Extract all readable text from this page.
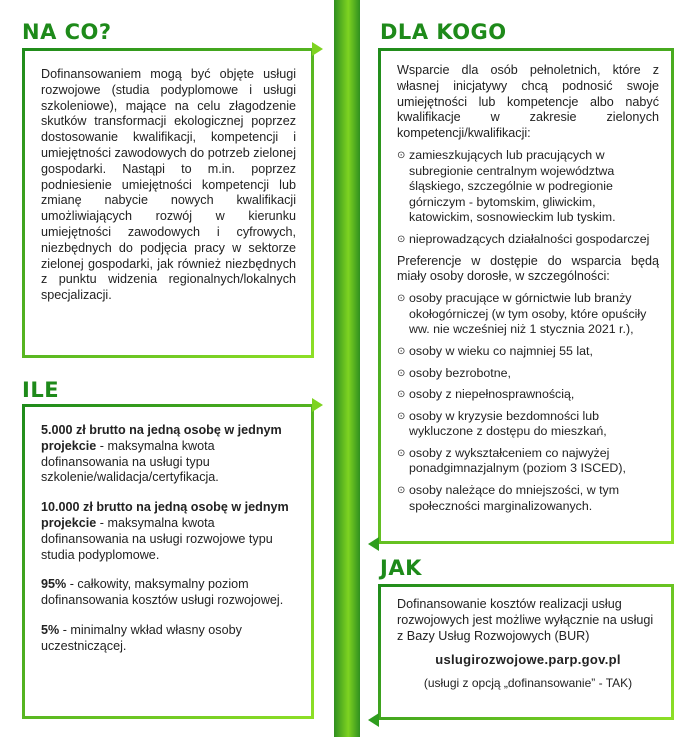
NA CO?

Dofinansowaniem mogą być objęte usługi rozwojowe (studia podyplomowe i usługi szkoleniowe), mające na celu złagodzenie skutków transformacji ekologicznej poprzez dostosowanie kwalifikacji, kompetencji i umiejętności zawodowych do potrzeb zielonej gospodarki. Nastąpi to m.in. poprzez podniesienie umiejętności kompetencji lub zmianę nabycie nowych kwalifikacji umożliwiających rozwój w kierunku umiejętności zawodowych i cyfrowych, niezbędnych do podjęcia pracy w sektorze zielonej gospodarki, jak również niezbędnych z punktu widzenia regionalnych/lokalnych specjalizacji.

ILE

5.000 zł brutto na jedną osobę w jednym projekcie - maksymalna kwota dofinansowania na usługi typu szkolenie/walidacja/certyfikacja.

10.000 zł brutto na jedną osobę w jednym projekcie - maksymalna kwota dofinansowania na usługi rozwojowe typu studia podyplomowe.

95% - całkowity, maksymalny poziom dofinansowania kosztów usługi rozwojowej.

5% - minimalny wkład własny osoby uczestniczącej.

DLA KOGO

Wsparcie dla osób pełnoletnich, które z własnej inicjatywy chcą podnosić swoje umiejętności lub kompetencje albo nabyć kwalifikacje w zakresie zielonych kompetencji/kwalifikacji:

⊙ zamieszkujących lub pracujących w subregionie centralnym województwa śląskiego, szczególnie w podregionie górniczym - bytomskim, gliwickim, katowickim, sosnowieckim lub tyskim.
⊙ nieprowadzących działalności gospodarczej

Preferencje w dostępie do wsparcia będą miały osoby dorosłe, w szczególności:

⊙ osoby pracujące w górnictwie lub branży okołogórniczej (w tym osoby, które opuściły ww. nie wcześniej niż 1 stycznia 2021 r.),
⊙ osoby w wieku co najmniej 55 lat,
⊙ osoby bezrobotne,
⊙ osoby z niepełnosprawnością,
⊙ osoby w kryzysie bezdomności lub wykluczone z dostępu do mieszkań,
⊙ osoby z wykształceniem co najwyżej ponadgimnazjalnym (poziom 3 ISCED),
⊙ osoby należące do mniejszości, w tym społeczności marginalizowanych.
JAK

Dofinansowanie kosztów realizacji usług rozwojowych jest możliwe wyłącznie na usługi z Bazy Usług Rozwojowych (BUR)

uslugirozwojowe.parp.gov.pl

(usługi z opcją „dofinansowanie” - TAK)
